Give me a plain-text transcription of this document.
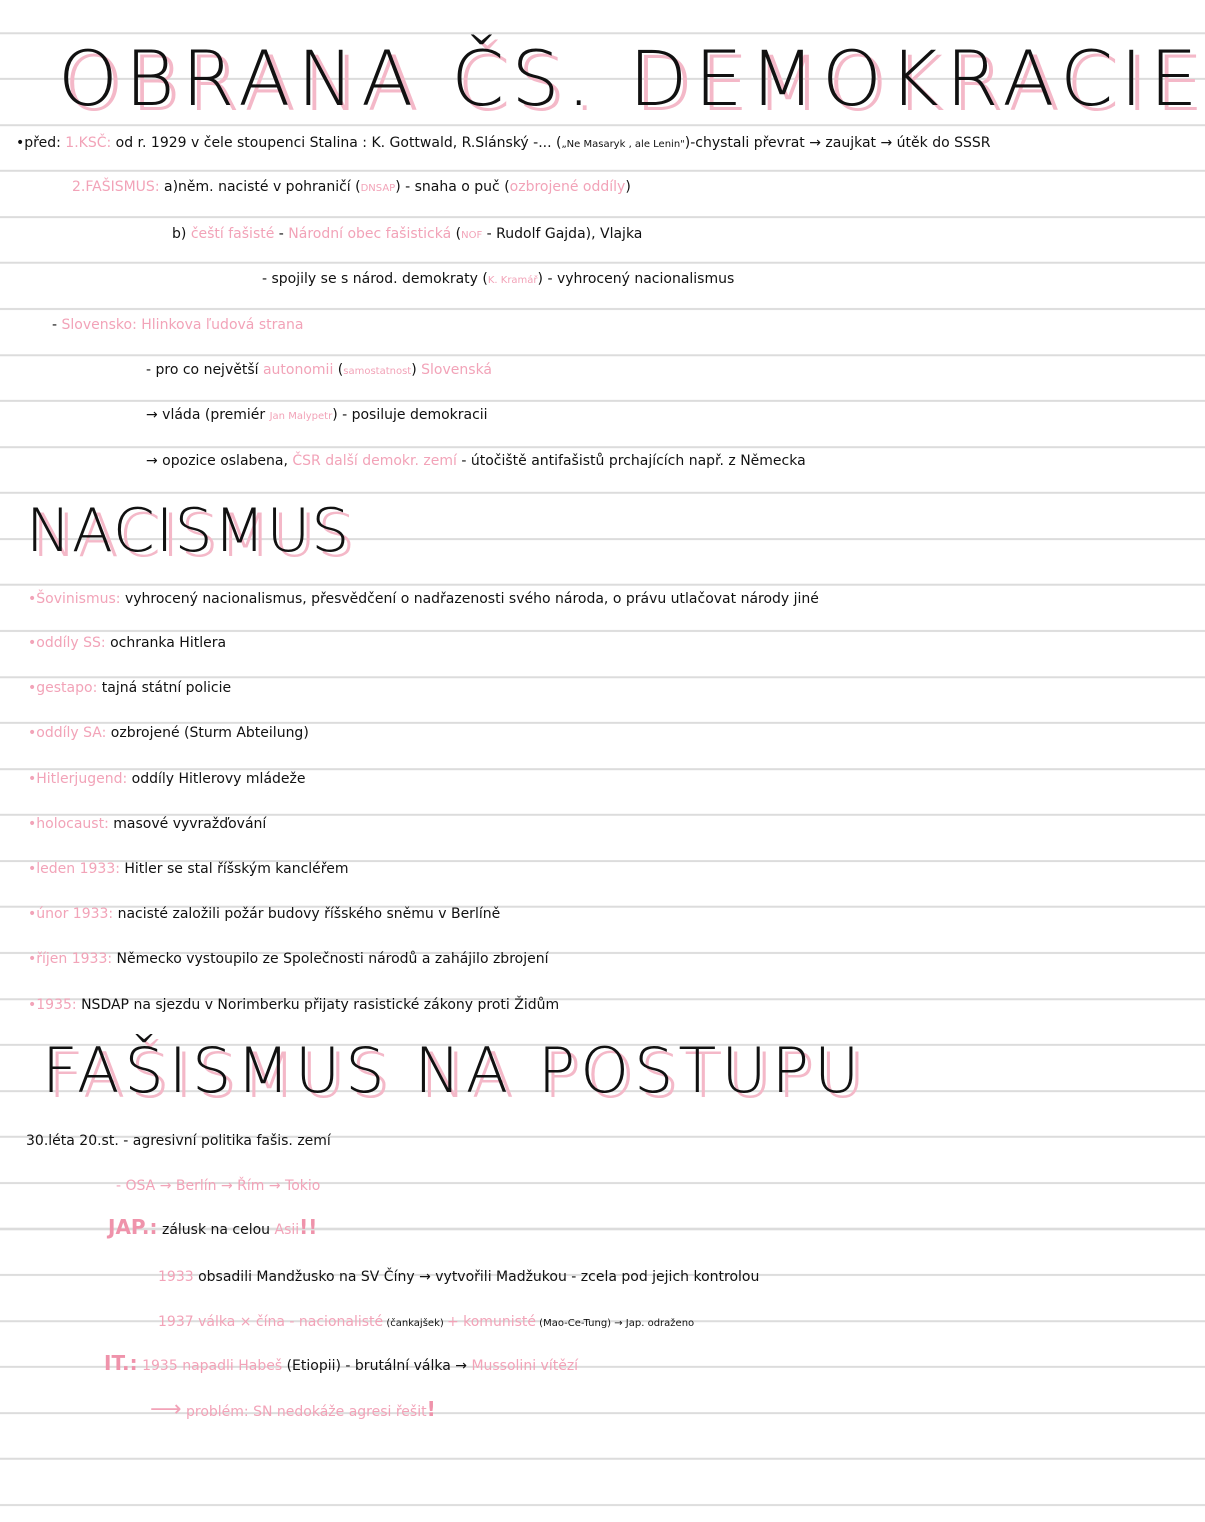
OBRANA ČS. DEMOKRACIE
•před: 1.KSČ: od r. 1929 v čele stoupenci Stalina : K. Gottwald, R.Slánský -... („Ne Masaryk , ale Lenin")-chystali převrat → zaujkat → útěk do SSSR
2.FAŠISMUS: a)něm. nacisté v pohraničí (DNSAP) - snaha o puč (ozbrojené oddíly)
b) čeští fašisté - Národní obec fašistická (NOF - Rudolf Gajda), Vlajka
- spojily se s národ. demokraty (K. Kramář) - vyhrocený nacionalismus
- Slovensko: Hlinkova ľudová strana
- pro co největší autonomii (samostatnost) Slovenská
→ vláda (premiér Jan Malypetr) - posiluje demokracii
→ opozice oslabena, ČSR další demokr. zemí - útočiště antifašistů prchajících např. z Německa
NACISMUS
•Šovinismus: vyhrocený nacionalismus, přesvědčení o nadřazenosti svého národa, o právu utlačovat národy jiné
•oddíly SS: ochranka Hitlera
•gestapo: tajná státní policie
•oddíly SA: ozbrojené (Sturm Abteilung)
•Hitlerjugend: oddíly Hitlerovy mládeže
•holocaust: masové vyvražďování
•leden 1933: Hitler se stal říšským kancléřem
•únor 1933: nacisté založili požár budovy říšského sněmu v Berlíně
•říjen 1933: Německo vystoupilo ze Společnosti národů a zahájilo zbrojení
•1935: NSDAP na sjezdu v Norimberku přijaty rasistické zákony proti Židům
FAŠISMUS NA POSTUPU
30.léta 20.st. - agresivní politika fašis. zemí
- OSA → Berlín → Řím → Tokio
JAP.: zálusk na celou Asii!!
1933 obsadili Mandžusko na SV Číny → vytvořili Madžukou - zcela pod jejich kontrolou
1937 válka × čína - nacionalisté (čankajšek) + komunisté (Mao-Ce-Tung) → Jap. odraženo
IT.: 1935 napadli Habeš (Etiopii) - brutální válka → Mussolini vítězí
⟶ problém: SN nedokáže agresi řešit!
